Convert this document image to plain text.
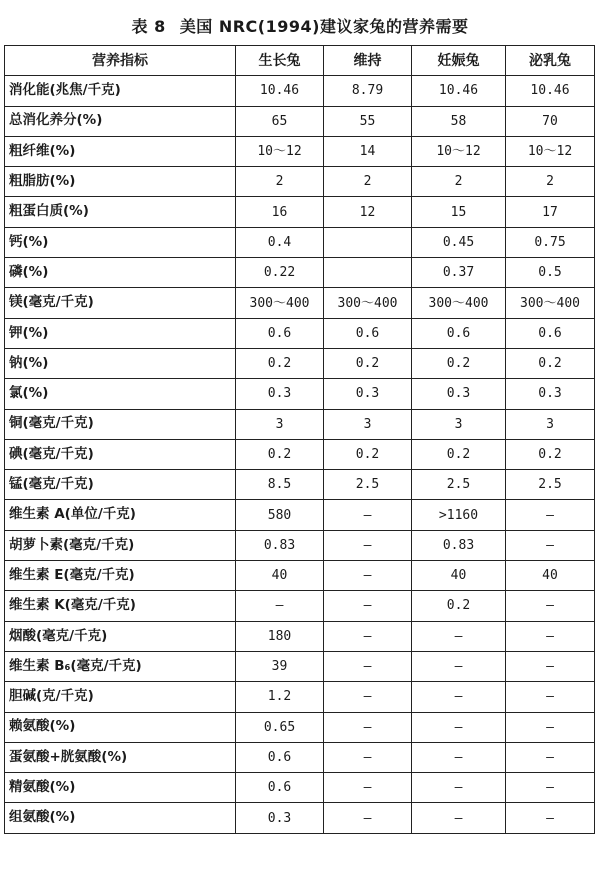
表 8 美国 NRC(1994)建议家兔的营养需要
营养指标	生长兔	维持	妊娠兔	泌乳兔
消化能(兆焦/千克)	10.46	8.79	10.46	10.46
总消化养分(%)	65	55	58	70
粗纤维(%)	10～12	14	10～12	10～12
粗脂肪(%)	2	2	2	2
粗蛋白质(%)	16	12	15	17
钙(%)	0.4		0.45	0.75
磷(%)	0.22		0.37	0.5
镁(毫克/千克)	300～400	300～400	300～400	300～400
钾(%)	0.6	0.6	0.6	0.6
钠(%)	0.2	0.2	0.2	0.2
氯(%)	0.3	0.3	0.3	0.3
铜(毫克/千克)	3	3	3	3
碘(毫克/千克)	0.2	0.2	0.2	0.2
锰(毫克/千克)	8.5	2.5	2.5	2.5
维生素 A(单位/千克)	580	—	>1160	—
胡萝卜素(毫克/千克)	0.83	—	0.83	—
维生素 E(毫克/千克)	40	—	40	40
维生素 K(毫克/千克)	—	—	0.2	—
烟酸(毫克/千克)	180	—	—	—
维生素 B₆(毫克/千克)	39	—	—	—
胆碱(克/千克)	1.2	—	—	—
赖氨酸(%)	0.65	—	—	—
蛋氨酸+胱氨酸(%)	0.6	—	—	—
精氨酸(%)	0.6	—	—	—
组氨酸(%)	0.3	—	—	—
